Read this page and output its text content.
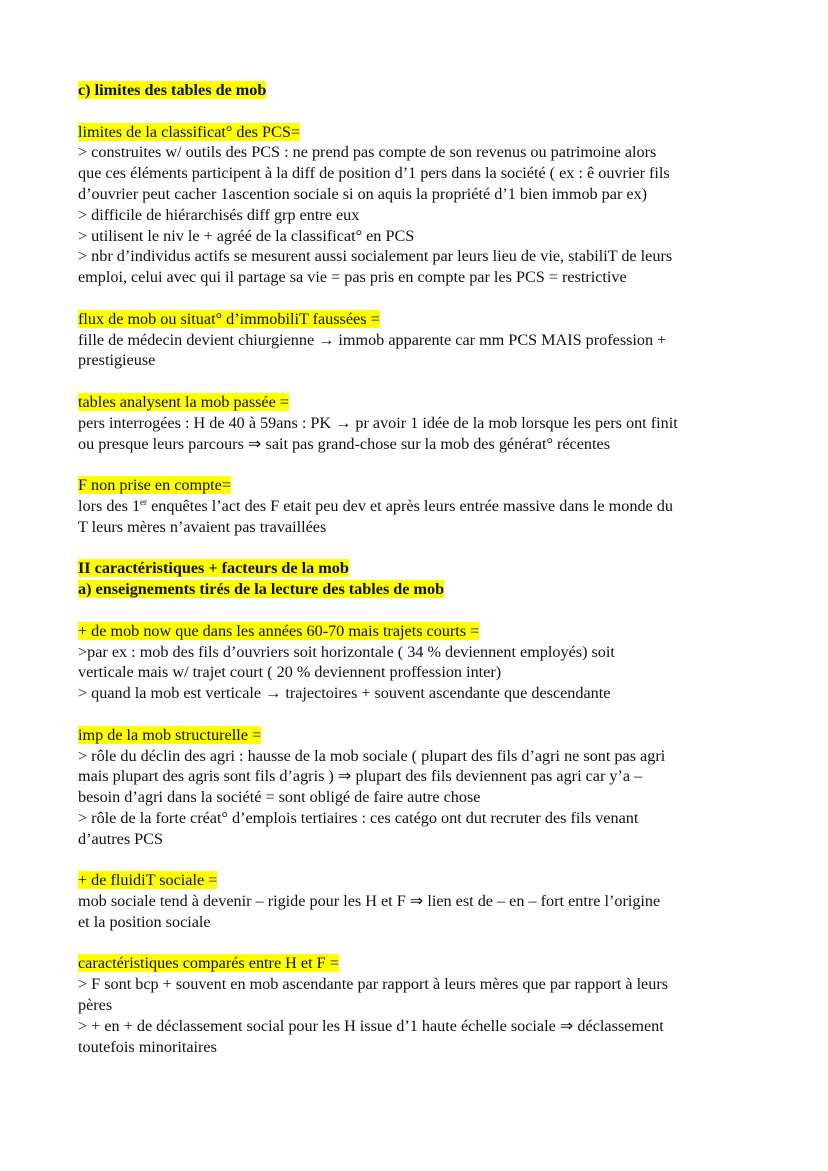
c) limites des tables de mob
limites de la classificat° des PCS=
> construites w/ outils des PCS : ne prend pas compte de son revenus ou patrimoine alors
que ces éléments participent à la diff de position d’1 pers dans la société ( ex : ê ouvrier fils
d’ouvrier peut cacher 1ascention sociale si on aquis la propriété d’1 bien immob par ex)
> difficile de hiérarchisés diff grp entre eux
> utilisent le niv le + agréé de la classificat° en PCS
> nbr d’individus actifs se mesurent aussi socialement par leurs lieu de vie, stabiliT de leurs
emploi, celui avec qui il partage sa vie = pas pris en compte par les PCS = restrictive
flux de mob ou situat° d’immobiliT faussées =
fille de médecin devient chiurgienne → immob apparente car mm PCS MAIS profession +
prestigieuse
tables analysent la mob passée =
pers interrogées : H de 40 à 59ans : PK → pr avoir 1 idée de la mob lorsque les pers ont finit
ou presque leurs parcours ⇒ sait pas grand-chose sur la mob des générat° récentes
F non prise en compte=
lors des 1er enquêtes l’act des F etait peu dev et après leurs entrée massive dans le monde du
T leurs mères n’avaient pas travaillées
II caractéristiques + facteurs de la mob
a) enseignements tirés de la lecture des tables de mob
+ de mob now que dans les années 60-70 mais trajets courts =
>par ex : mob des fils d’ouvriers soit horizontale ( 34 % deviennent employés) soit
verticale mais w/ trajet court ( 20 % deviennent proffession inter)
> quand la mob est verticale → trajectoires + souvent ascendante que descendante
imp de la mob structurelle =
> rôle du déclin des agri : hausse de la mob sociale ( plupart des fils d’agri ne sont pas agri
mais plupart des agris sont fils d’agris ) ⇒ plupart des fils deviennent pas agri car y’a –
besoin d’agri dans la société = sont obligé de faire autre chose
> rôle de la forte créat° d’emplois tertiaires : ces catégo ont dut recruter des fils venant
d’autres PCS
+ de fluidiT sociale =
mob sociale tend à devenir – rigide pour les H et F ⇒ lien est de – en – fort entre l’origine
et la position sociale
caractéristiques comparés entre H et F =
> F sont bcp + souvent en mob ascendante par rapport à leurs mères que par rapport à leurs
pères
> + en + de déclassement social pour les H issue d’1 haute échelle sociale ⇒ déclassement
toutefois minoritaires
